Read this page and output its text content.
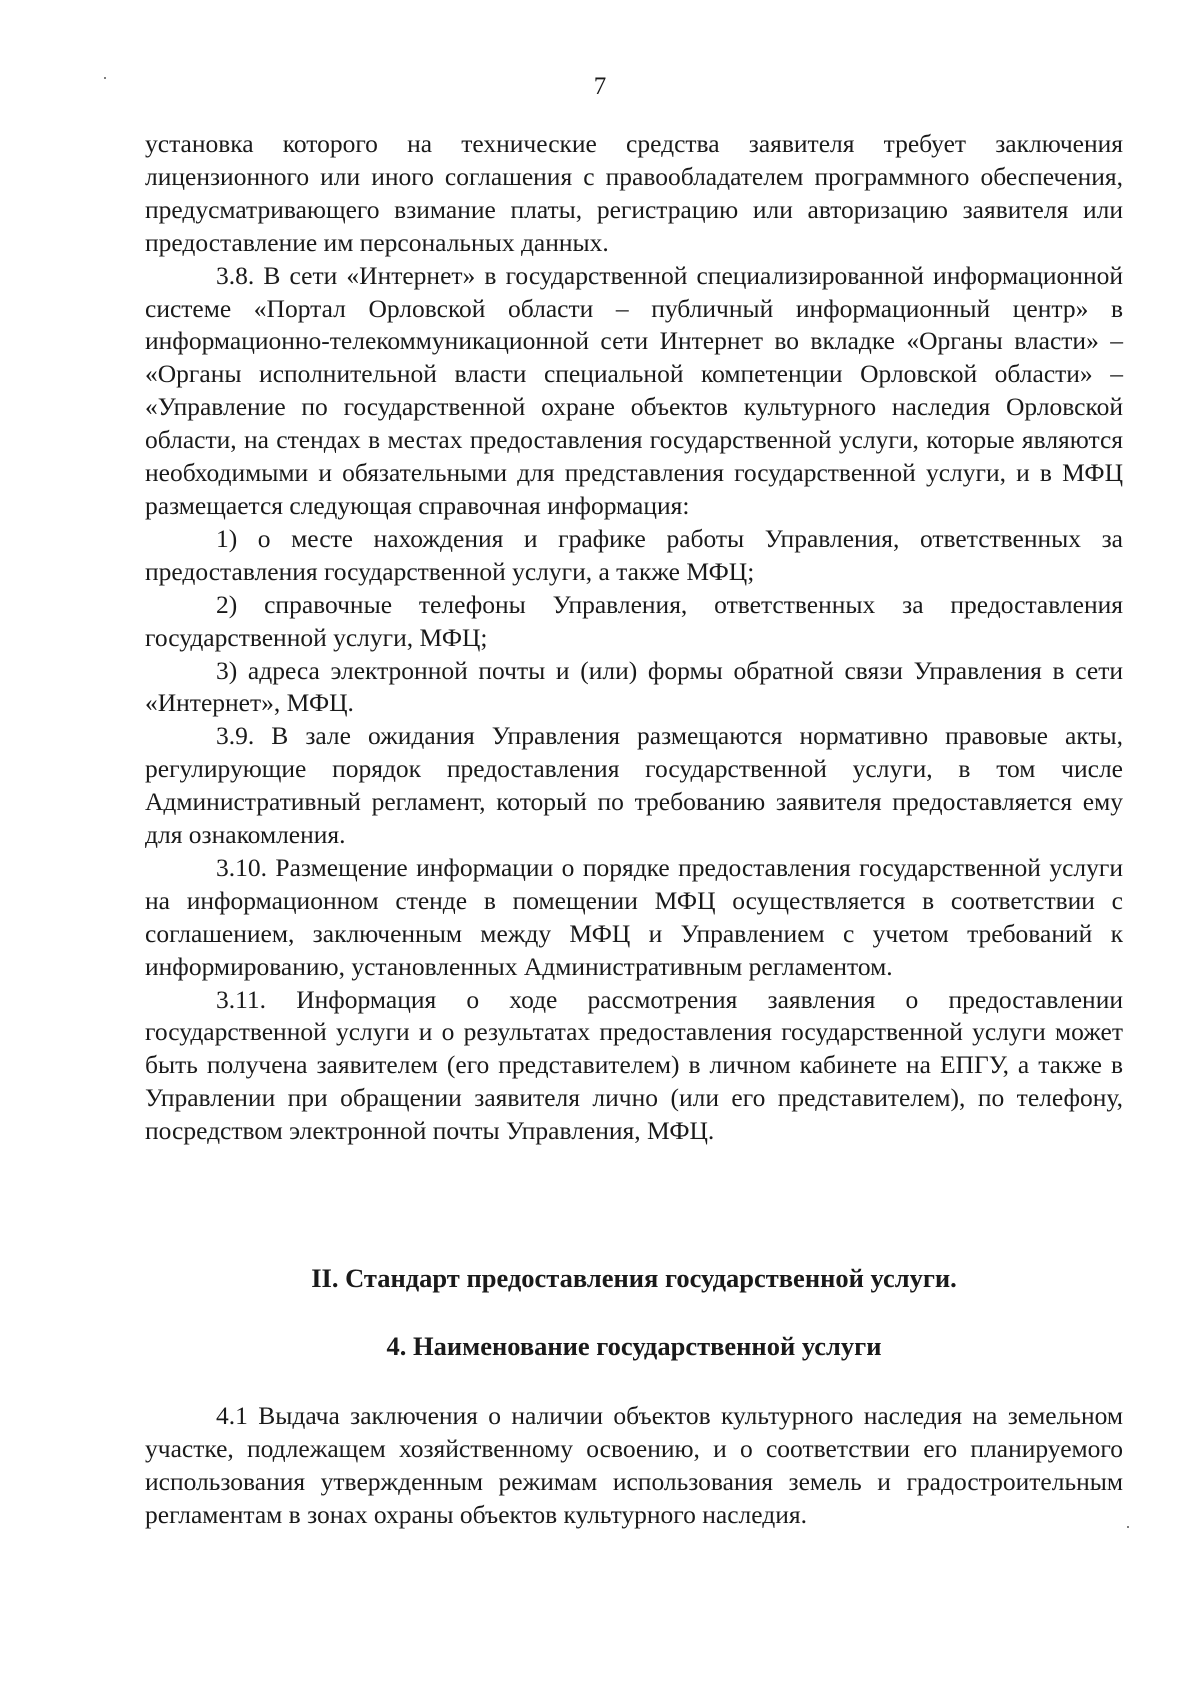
7

установка которого на технические средства заявителя требует заключения лицензионного или иного соглашения с правообладателем программного обеспечения, предусматривающего взимание платы, регистрацию или авторизацию заявителя или предоставление им персональных данных.

3.8. В сети «Интернет» в государственной специализированной информационной системе «Портал Орловской области – публичный информационный центр» в информационно-телекоммуникационной сети Интернет во вкладке «Органы власти» – «Органы исполнительной власти специальной компетенции Орловской области» – «Управление по государственной охране объектов культурного наследия Орловской области, на стендах в местах предоставления государственной услуги, которые являются необходимыми и обязательными для представления государственной услуги, и в МФЦ размещается следующая справочная информация:

1) о месте нахождения и графике работы Управления, ответственных за предоставления государственной услуги, а также МФЦ;

2) справочные телефоны Управления, ответственных за предоставления государственной услуги, МФЦ;

3) адреса электронной почты и (или) формы обратной связи Управления в сети «Интернет», МФЦ.

3.9. В зале ожидания Управления размещаются нормативно правовые акты, регулирующие порядок предоставления государственной услуги, в том числе Административный регламент, который по требованию заявителя предоставляется ему для ознакомления.

3.10. Размещение информации о порядке предоставления государственной услуги на информационном стенде в помещении МФЦ осуществляется в соответствии с соглашением, заключенным между МФЦ и Управлением с учетом требований к информированию, установленных Административным регламентом.

3.11. Информация о ходе рассмотрения заявления о предоставлении государственной услуги и о результатах предоставления государственной услуги может быть получена заявителем (его представителем) в личном кабинете на ЕПГУ, а также в Управлении при обращении заявителя лично (или его представителем), по телефону, посредством электронной почты Управления, МФЦ.

II. Стандарт предоставления государственной услуги.
4. Наименование государственной услуги

4.1 Выдача заключения о наличии объектов культурного наследия на земельном участке, подлежащем хозяйственному освоению, и о соответствии его планируемого использования утвержденным режимам использования земель и градостроительным регламентам в зонах охраны объектов культурного наследия.
